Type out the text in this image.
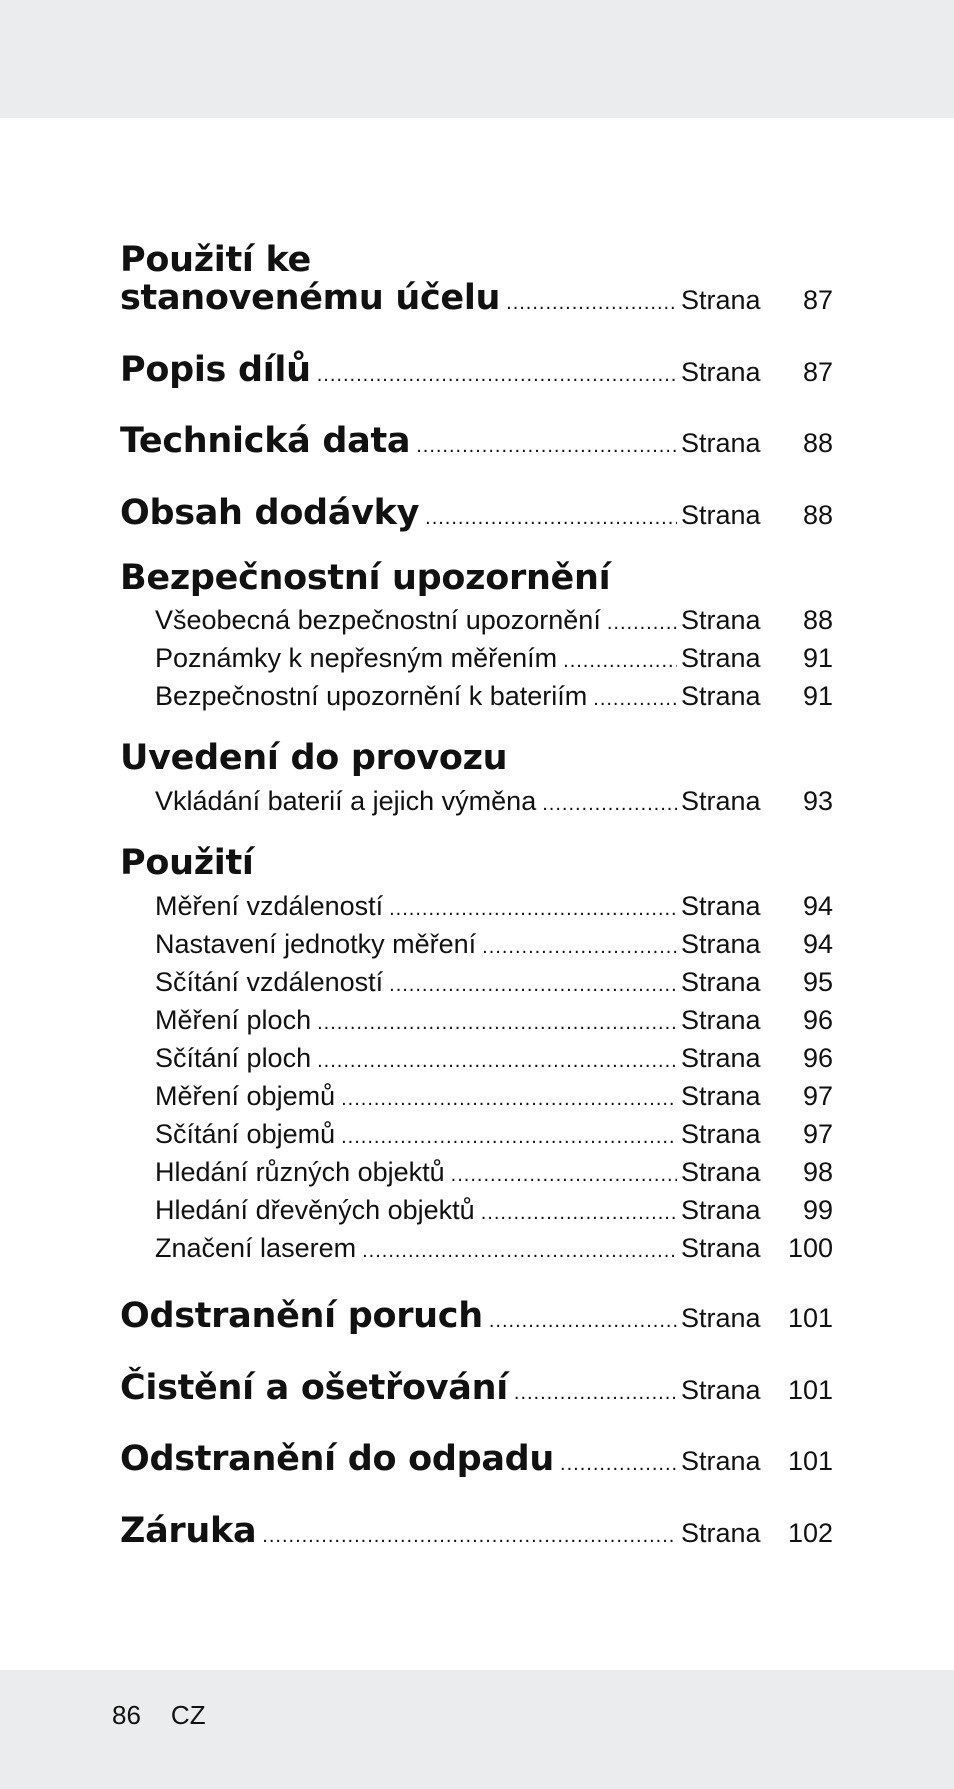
Použití ke
stanovenému účelu .....	Strana	87
Popis dílů .....	Strana	87
Technická data .....	Strana	88
Obsah dodávky .....	Strana	88
Bezpečnostní upozornění
Všeobecná bezpečnostní upozornění .....	Strana	88
Poznámky k nepřesným měřením .....	Strana	91
Bezpečnostní upozornění k bateriím .....	Strana	91
Uvedení do provozu
Vkládání baterií a jejich výměna .....	Strana	93
Použití
Měření vzdáleností .....	Strana	94
Nastavení jednotky měření .....	Strana	94
Sčítání vzdáleností .....	Strana	95
Měření ploch .....	Strana	96
Sčítání ploch .....	Strana	96
Měření objemů .....	Strana	97
Sčítání objemů .....	Strana	97
Hledání různých objektů .....	Strana	98
Hledání dřevěných objektů .....	Strana	99
Značení laserem .....	Strana	100
Odstranění poruch .....	Strana	101
Čistění a ošetřování .....	Strana	101
Odstranění do odpadu .....	Strana	101
Záruka .....	Strana	102
86 CZ
